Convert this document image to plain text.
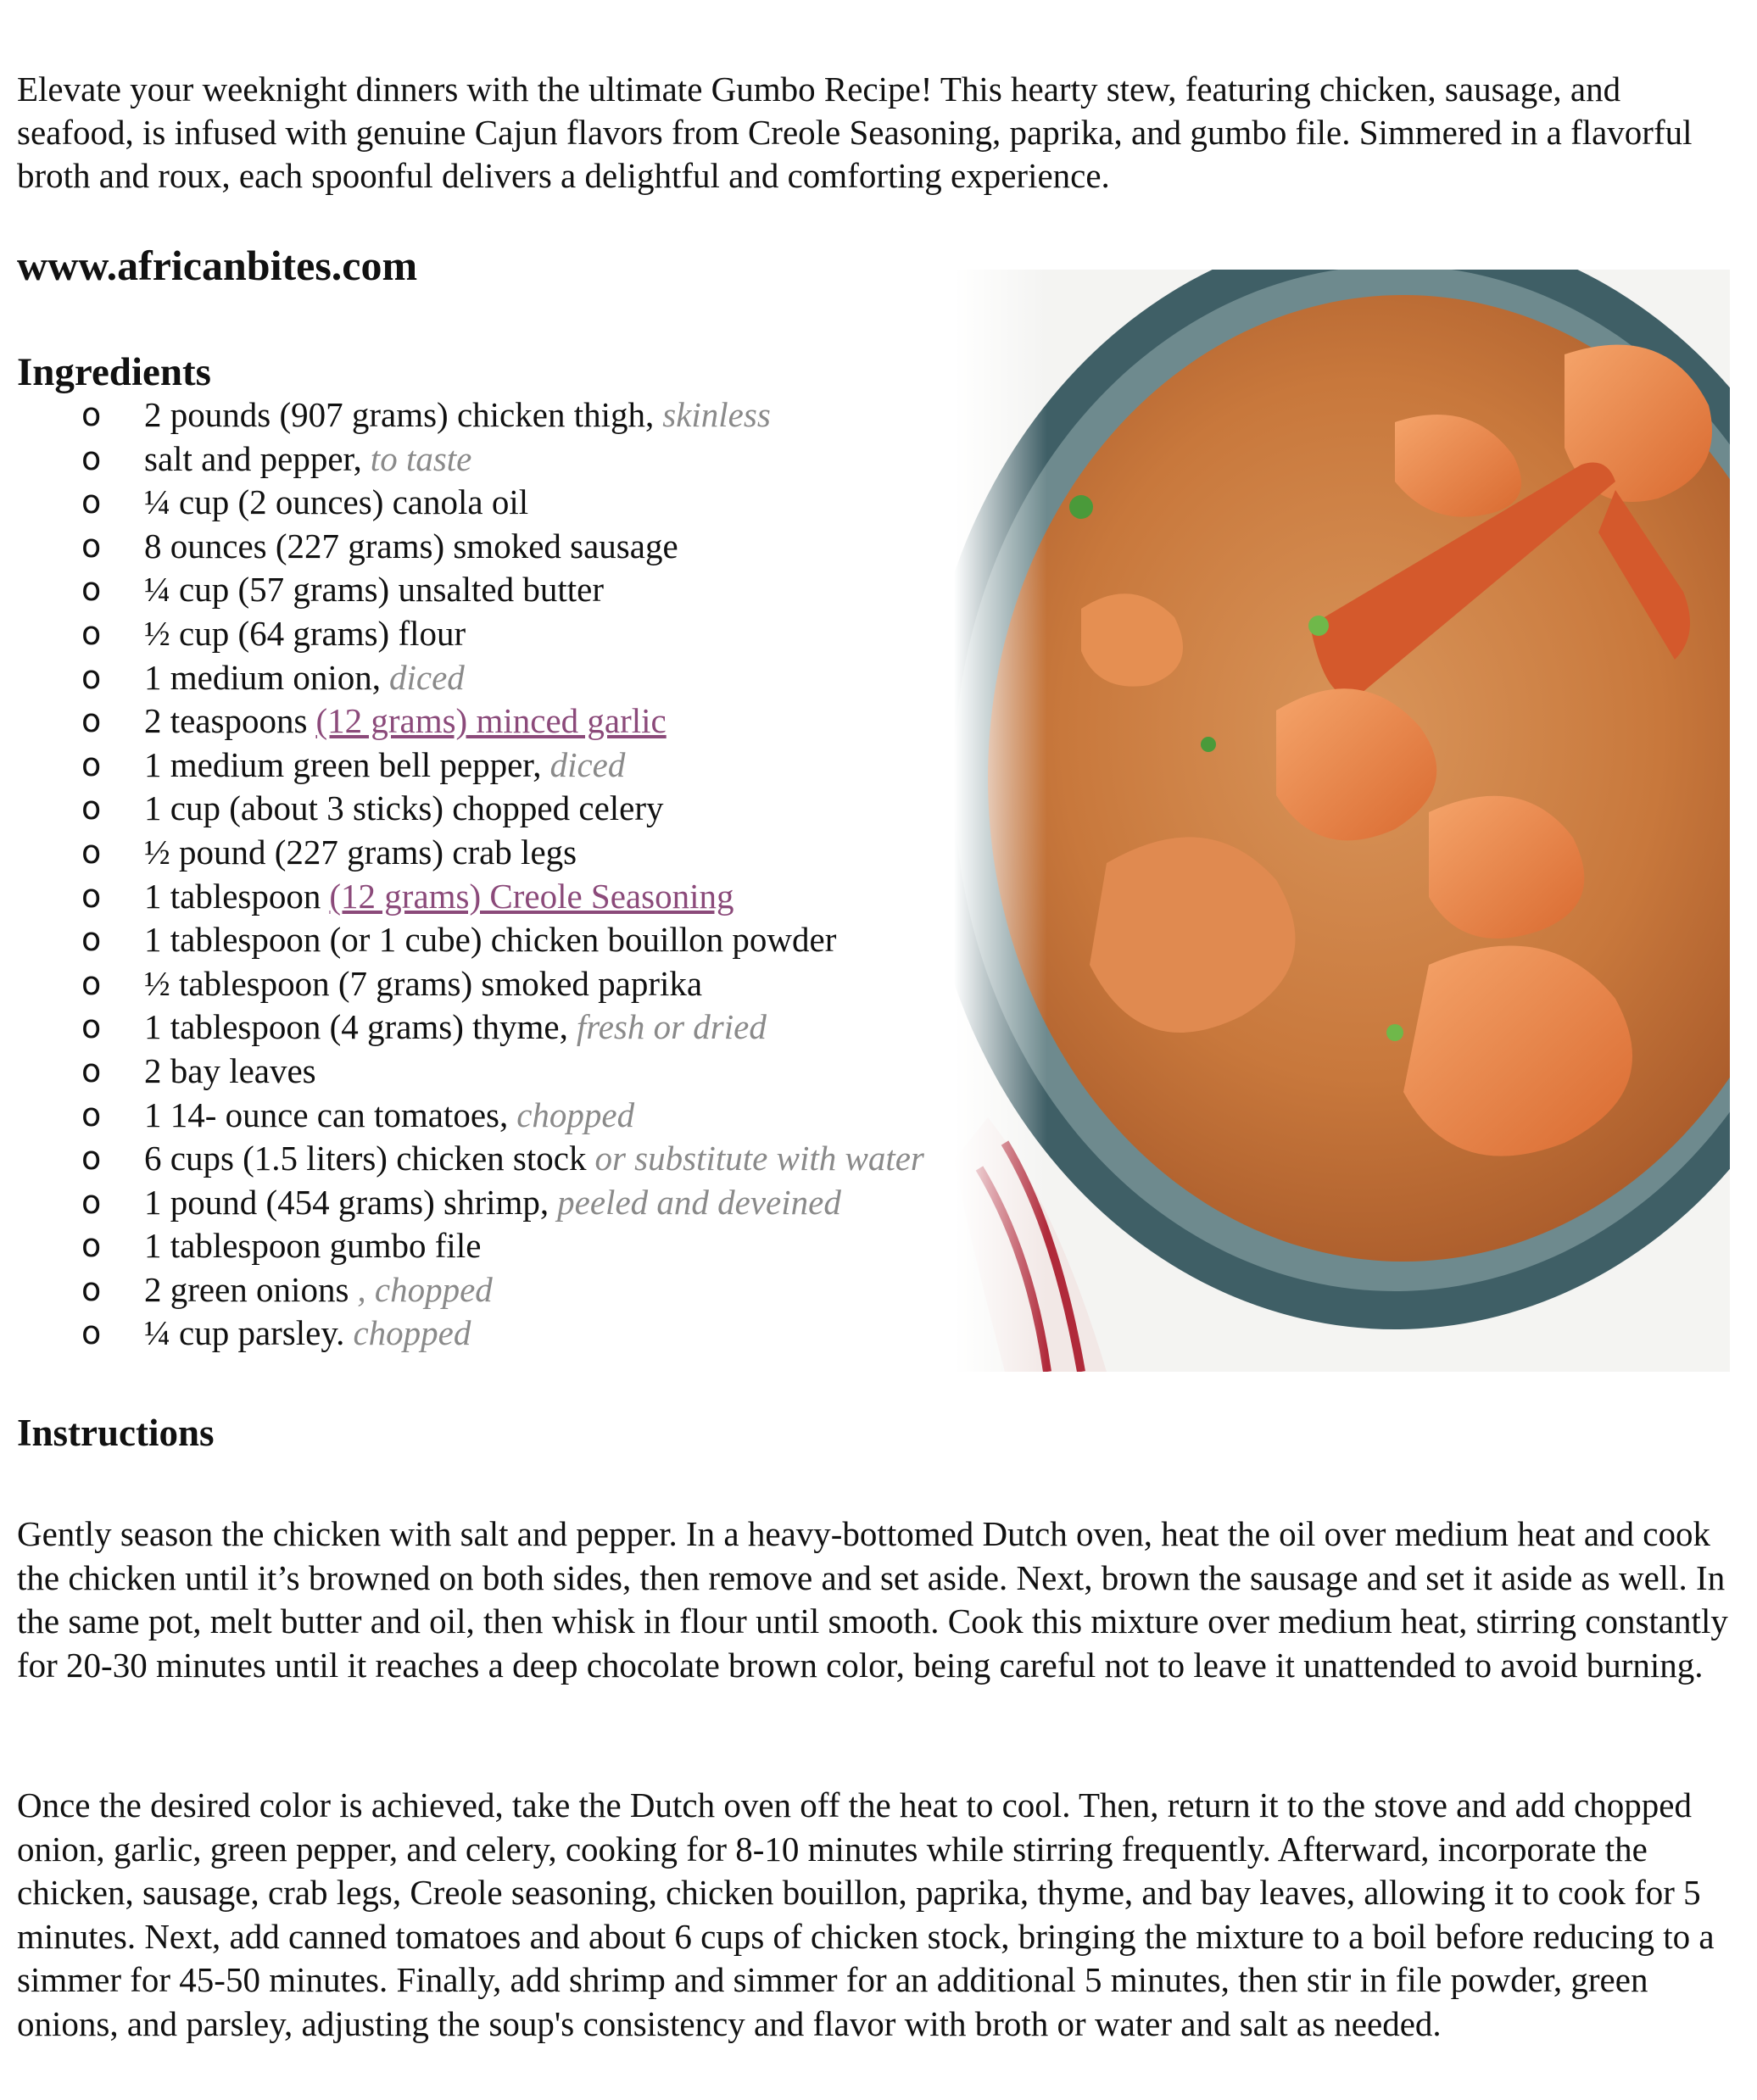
Elevate your weeknight dinners with the ultimate Gumbo Recipe! This hearty stew, featuring chicken, sausage, and seafood, is infused with genuine Cajun flavors from Creole Seasoning, paprika, and gumbo file. Simmered in a flavorful broth and roux, each spoonful delivers a delightful and comforting experience.

www.africanbites.com
Ingredients
o 2 pounds (907 grams) chicken thigh, skinless
o salt and pepper, to taste
o ¼ cup (2 ounces) canola oil
o 8 ounces (227 grams) smoked sausage
o ¼ cup (57 grams) unsalted butter
o ½ cup (64 grams) flour
o 1 medium onion, diced
o 2 teaspoons (12 grams) minced garlic
o 1 medium green bell pepper, diced
o 1 cup (about 3 sticks) chopped celery
o ½ pound (227 grams) crab legs
o 1 tablespoon (12 grams) Creole Seasoning
o 1 tablespoon (or 1 cube) chicken bouillon powder
o ½ tablespoon (7 grams) smoked paprika
o 1 tablespoon (4 grams) thyme, fresh or dried
o 2 bay leaves
o 1 14- ounce can tomatoes, chopped
o 6 cups (1.5 liters) chicken stock or substitute with water
o 1 pound (454 grams) shrimp, peeled and deveined
o 1 tablespoon gumbo file
o 2 green onions , chopped
o ¼ cup parsley. chopped
Instructions

Gently season the chicken with salt and pepper. In a heavy-bottomed Dutch oven, heat the oil over medium heat and cook the chicken until it’s browned on both sides, then remove and set aside. Next, brown the sausage and set it aside as well. In the same pot, melt butter and oil, then whisk in flour until smooth. Cook this mixture over medium heat, stirring constantly for 20-30 minutes until it reaches a deep chocolate brown color, being careful not to leave it unattended to avoid burning.

Once the desired color is achieved, take the Dutch oven off the heat to cool. Then, return it to the stove and add chopped onion, garlic, green pepper, and celery, cooking for 8-10 minutes while stirring frequently. Afterward, incorporate the chicken, sausage, crab legs, Creole seasoning, chicken bouillon, paprika, thyme, and bay leaves, allowing it to cook for 5 minutes. Next, add canned tomatoes and about 6 cups of chicken stock, bringing the mixture to a boil before reducing to a simmer for 45-50 minutes. Finally, add shrimp and simmer for an additional 5 minutes, then stir in file powder, green onions, and parsley, adjusting the soup's consistency and flavor with broth or water and salt as needed.
